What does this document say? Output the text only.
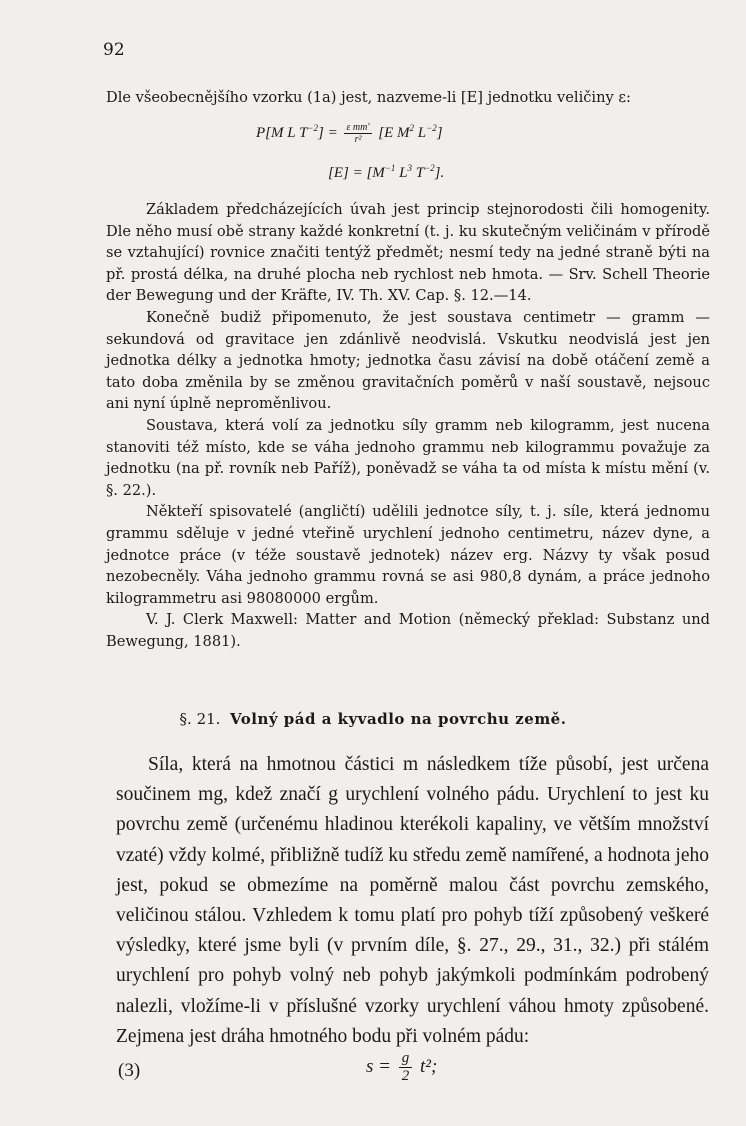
92

Dle všeobecnějšího vzorku (1a) jest, nazveme-li [E] jednotku veličiny ε:

P[M L $T^{-2}] = \frac{\text{ε mm′}}{\text{r²}} [E$ $M^2$ $L^{-2}$]
$[E] = [M^{-1}$ $L^3$ $T^{-2}$].

Základem předcházejících úvah jest princip stejnorodosti čili homogenity. Dle něho musí obě strany každé konkretní (t. j. ku skutečným veličinám v přírodě se vztahující) rovnice značiti tentýž předmět; nesmí tedy na jedné straně býti na př. prostá délka, na druhé plocha neb rychlost neb hmota. — Srv. Schell Theorie der Bewegung und der Kräfte, IV. Th. XV. Cap. §. 12.—14.

Konečně budiž připomenuto, že jest soustava centimetr — gramm — sekundová od gravitace jen zdánlivě neodvislá. Vskutku neodvislá jest jen jednotka délky a jednotka hmoty; jednotka času závisí na době otáčení země a tato doba změnila by se změnou gravitačních poměrů v naší soustavě, nejsouc ani nyní úplně neproměnlivou.

Soustava, která volí za jednotku síly gramm neb kilogramm, jest nucena stanoviti též místo, kde se váha jednoho grammu neb kilogrammu považuje za jednotku (na př. rovník neb Paříž), poněvadž se váha ta od místa k místu mění (v. §. 22.).

Někteří spisovatelé (angličtí) udělili jednotce síly, t. j. síle, která jednomu grammu sděluje v jedné vteřině urychlení jednoho centimetru, název dyne, a jednotce práce (v téže soustavě jednotek) název erg. Názvy ty však posud nezobecněly. Váha jednoho grammu rovná se asi 980,8 dynám, a práce jednoho kilogrammetru asi 98080000 ergům.

V. J. Clerk Maxwell: Matter and Motion (německý překlad: Substanz und Bewegung, 1881).

§. 21. Volný pád a kyvadlo na povrchu země.

Síla, která na hmotnou částici m následkem tíže působí, jest určena součinem mg, kdež značí g urychlení volného pádu. Urychlení to jest ku povrchu země (určenému hladinou kterékoli kapaliny, ve větším množství vzaté) vždy kolmé, přibližně tudíž ku středu země namířené, a hodnota jeho jest, pokud se obmezíme na poměrně malou část povrchu zemského, veličinou stálou. Vzhledem k tomu platí pro pohyb tíží způsobený veškeré výsledky, které jsme byli (v prvním díle, §. 27., 29., 31., 32.) při stálém urychlení pro pohyb volný neb pohyb jakýmkoli podmínkám podrobený nalezli, vložíme-li v příslušné vzorky urychlení váhou hmoty způsobené. Zejmena jest dráha hmotného bodu při volném pádu:

(3)	$s = \frac{g}{2} t^2$;
